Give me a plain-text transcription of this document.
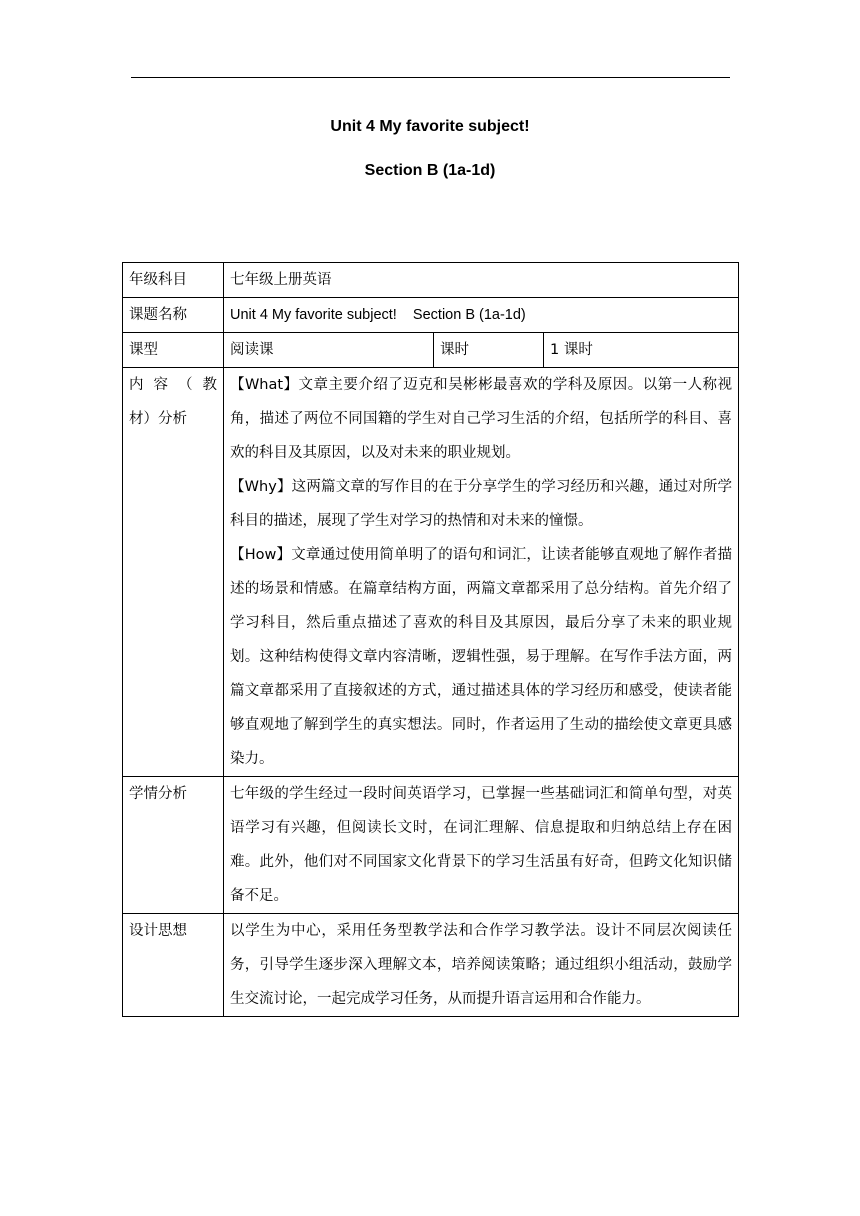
Unit 4 My favorite subject!
Section B (1a-1d)
年级科目	七年级上册英语		
课题名称	Unit 4 My favorite subject!    Section B (1a-1d)		
课型	阅读课	课时	1 课时
内 容 （ 教 材）分析	【What】文章主要介绍了迈克和吴彬彬最喜欢的学科及原因。以第一人称视角，描述了两位不同国籍的学生对自己学习生活的介绍，包括所学的科目、喜欢的科目及其原因，以及对未来的职业规划。

【Why】这两篇文章的写作目的在于分享学生的学习经历和兴趣，通过对所学科目的描述，展现了学生对学习的热情和对未来的憧憬。

【How】文章通过使用简单明了的语句和词汇，让读者能够直观地了解作者描述的场景和情感。在篇章结构方面，两篇文章都采用了总分结构。首先介绍了学习科目，然后重点描述了喜欢的科目及其原因，最后分享了未来的职业规划。这种结构使得文章内容清晰，逻辑性强，易于理解。在写作手法方面，两篇文章都采用了直接叙述的方式，通过描述具体的学习经历和感受，使读者能够直观地了解到学生的真实想法。同时，作者运用了生动的描绘使文章更具感染力。		

学情分析	七年级的学生经过一段时间英语学习，已掌握一些基础词汇和简单句型，对英语学习有兴趣，但阅读长文时，在词汇理解、信息提取和归纳总结上存在困难。此外，他们对不同国家文化背景下的学习生活虽有好奇，但跨文化知识储备不足。		
设计思想	以学生为中心，采用任务型教学法和合作学习教学法。设计不同层次阅读任务，引导学生逐步深入理解文本，培养阅读策略；通过组织小组活动，鼓励学生交流讨论，一起完成学习任务，从而提升语言运用和合作能力。		
